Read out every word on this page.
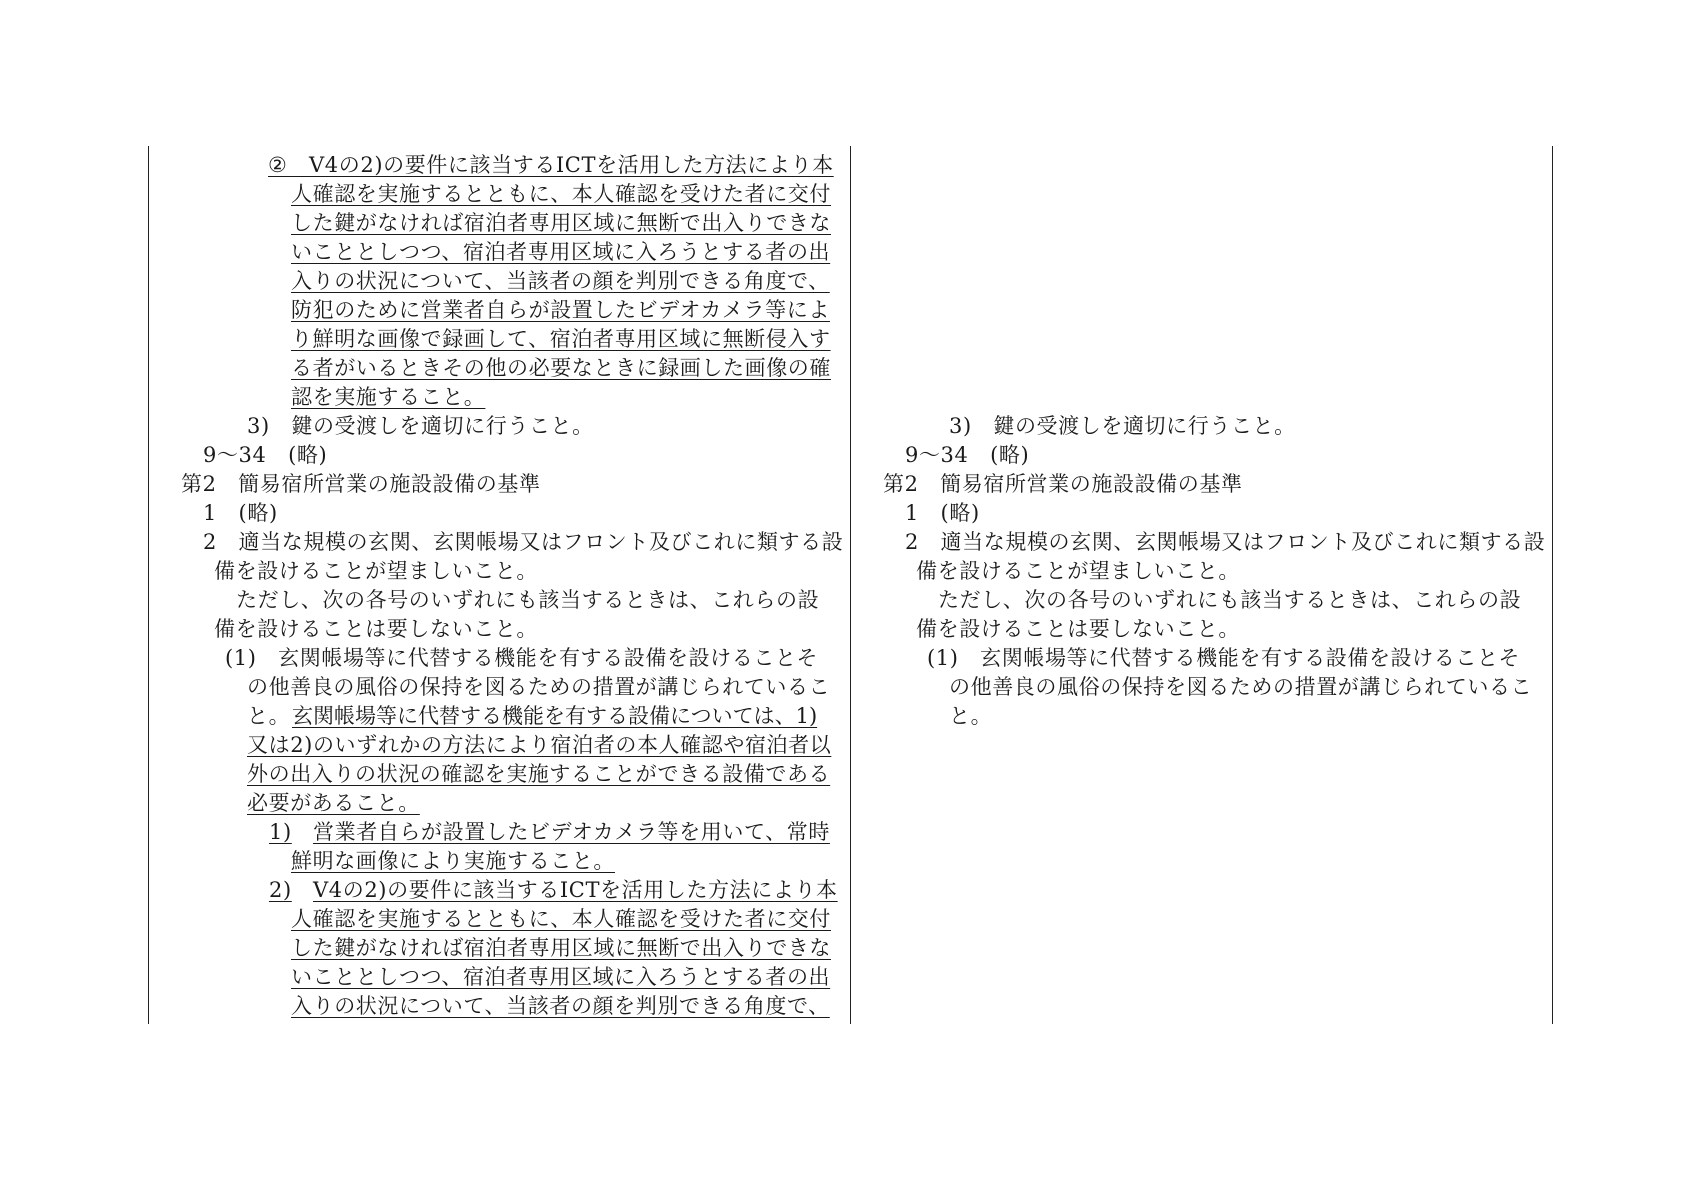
②　Ⅴ4の2)の要件に該当するICTを活用した方法により本
人確認を実施するとともに、本人確認を受けた者に交付
した鍵がなければ宿泊者専用区域に無断で出入りできな
いこととしつつ、宿泊者専用区域に入ろうとする者の出
入りの状況について、当該者の顔を判別できる角度で、
防犯のために営業者自らが設置したビデオカメラ等によ
り鮮明な画像で録画して、宿泊者専用区域に無断侵入す
る者がいるときその他の必要なときに録画した画像の確
認を実施すること。
3)　鍵の受渡しを適切に行うこと。
9～34　(略)
第2　簡易宿所営業の施設設備の基準
1　(略)
2　適当な規模の玄関、玄関帳場又はフロント及びこれに類する設
備を設けることが望ましいこと。
ただし、次の各号のいずれにも該当するときは、これらの設
備を設けることは要しないこと。
(1)　玄関帳場等に代替する機能を有する設備を設けることそ
の他善良の風俗の保持を図るための措置が講じられているこ
と。 玄関帳場等に代替する機能を有する設備については、1)
又は2)のいずれかの方法により宿泊者の本人確認や宿泊者以
外の出入りの状況の確認を実施することができる設備である
必要があること。
1) 営業者自らが設置したビデオカメラ等を用いて、常時
鮮明な画像により実施すること。
2) Ⅴ4の2)の要件に該当するICTを活用した方法により本
人確認を実施するとともに、本人確認を受けた者に交付
した鍵がなければ宿泊者専用区域に無断で出入りできな
いこととしつつ、宿泊者専用区域に入ろうとする者の出
入りの状況について、当該者の顔を判別できる角度で、
3)　鍵の受渡しを適切に行うこと。
9～34　(略)
第2　簡易宿所営業の施設設備の基準
1　(略)
2　適当な規模の玄関、玄関帳場又はフロント及びこれに類する設
備を設けることが望ましいこと。
ただし、次の各号のいずれにも該当するときは、これらの設
備を設けることは要しないこと。
(1)　玄関帳場等に代替する機能を有する設備を設けることそ
の他善良の風俗の保持を図るための措置が講じられているこ
と。
